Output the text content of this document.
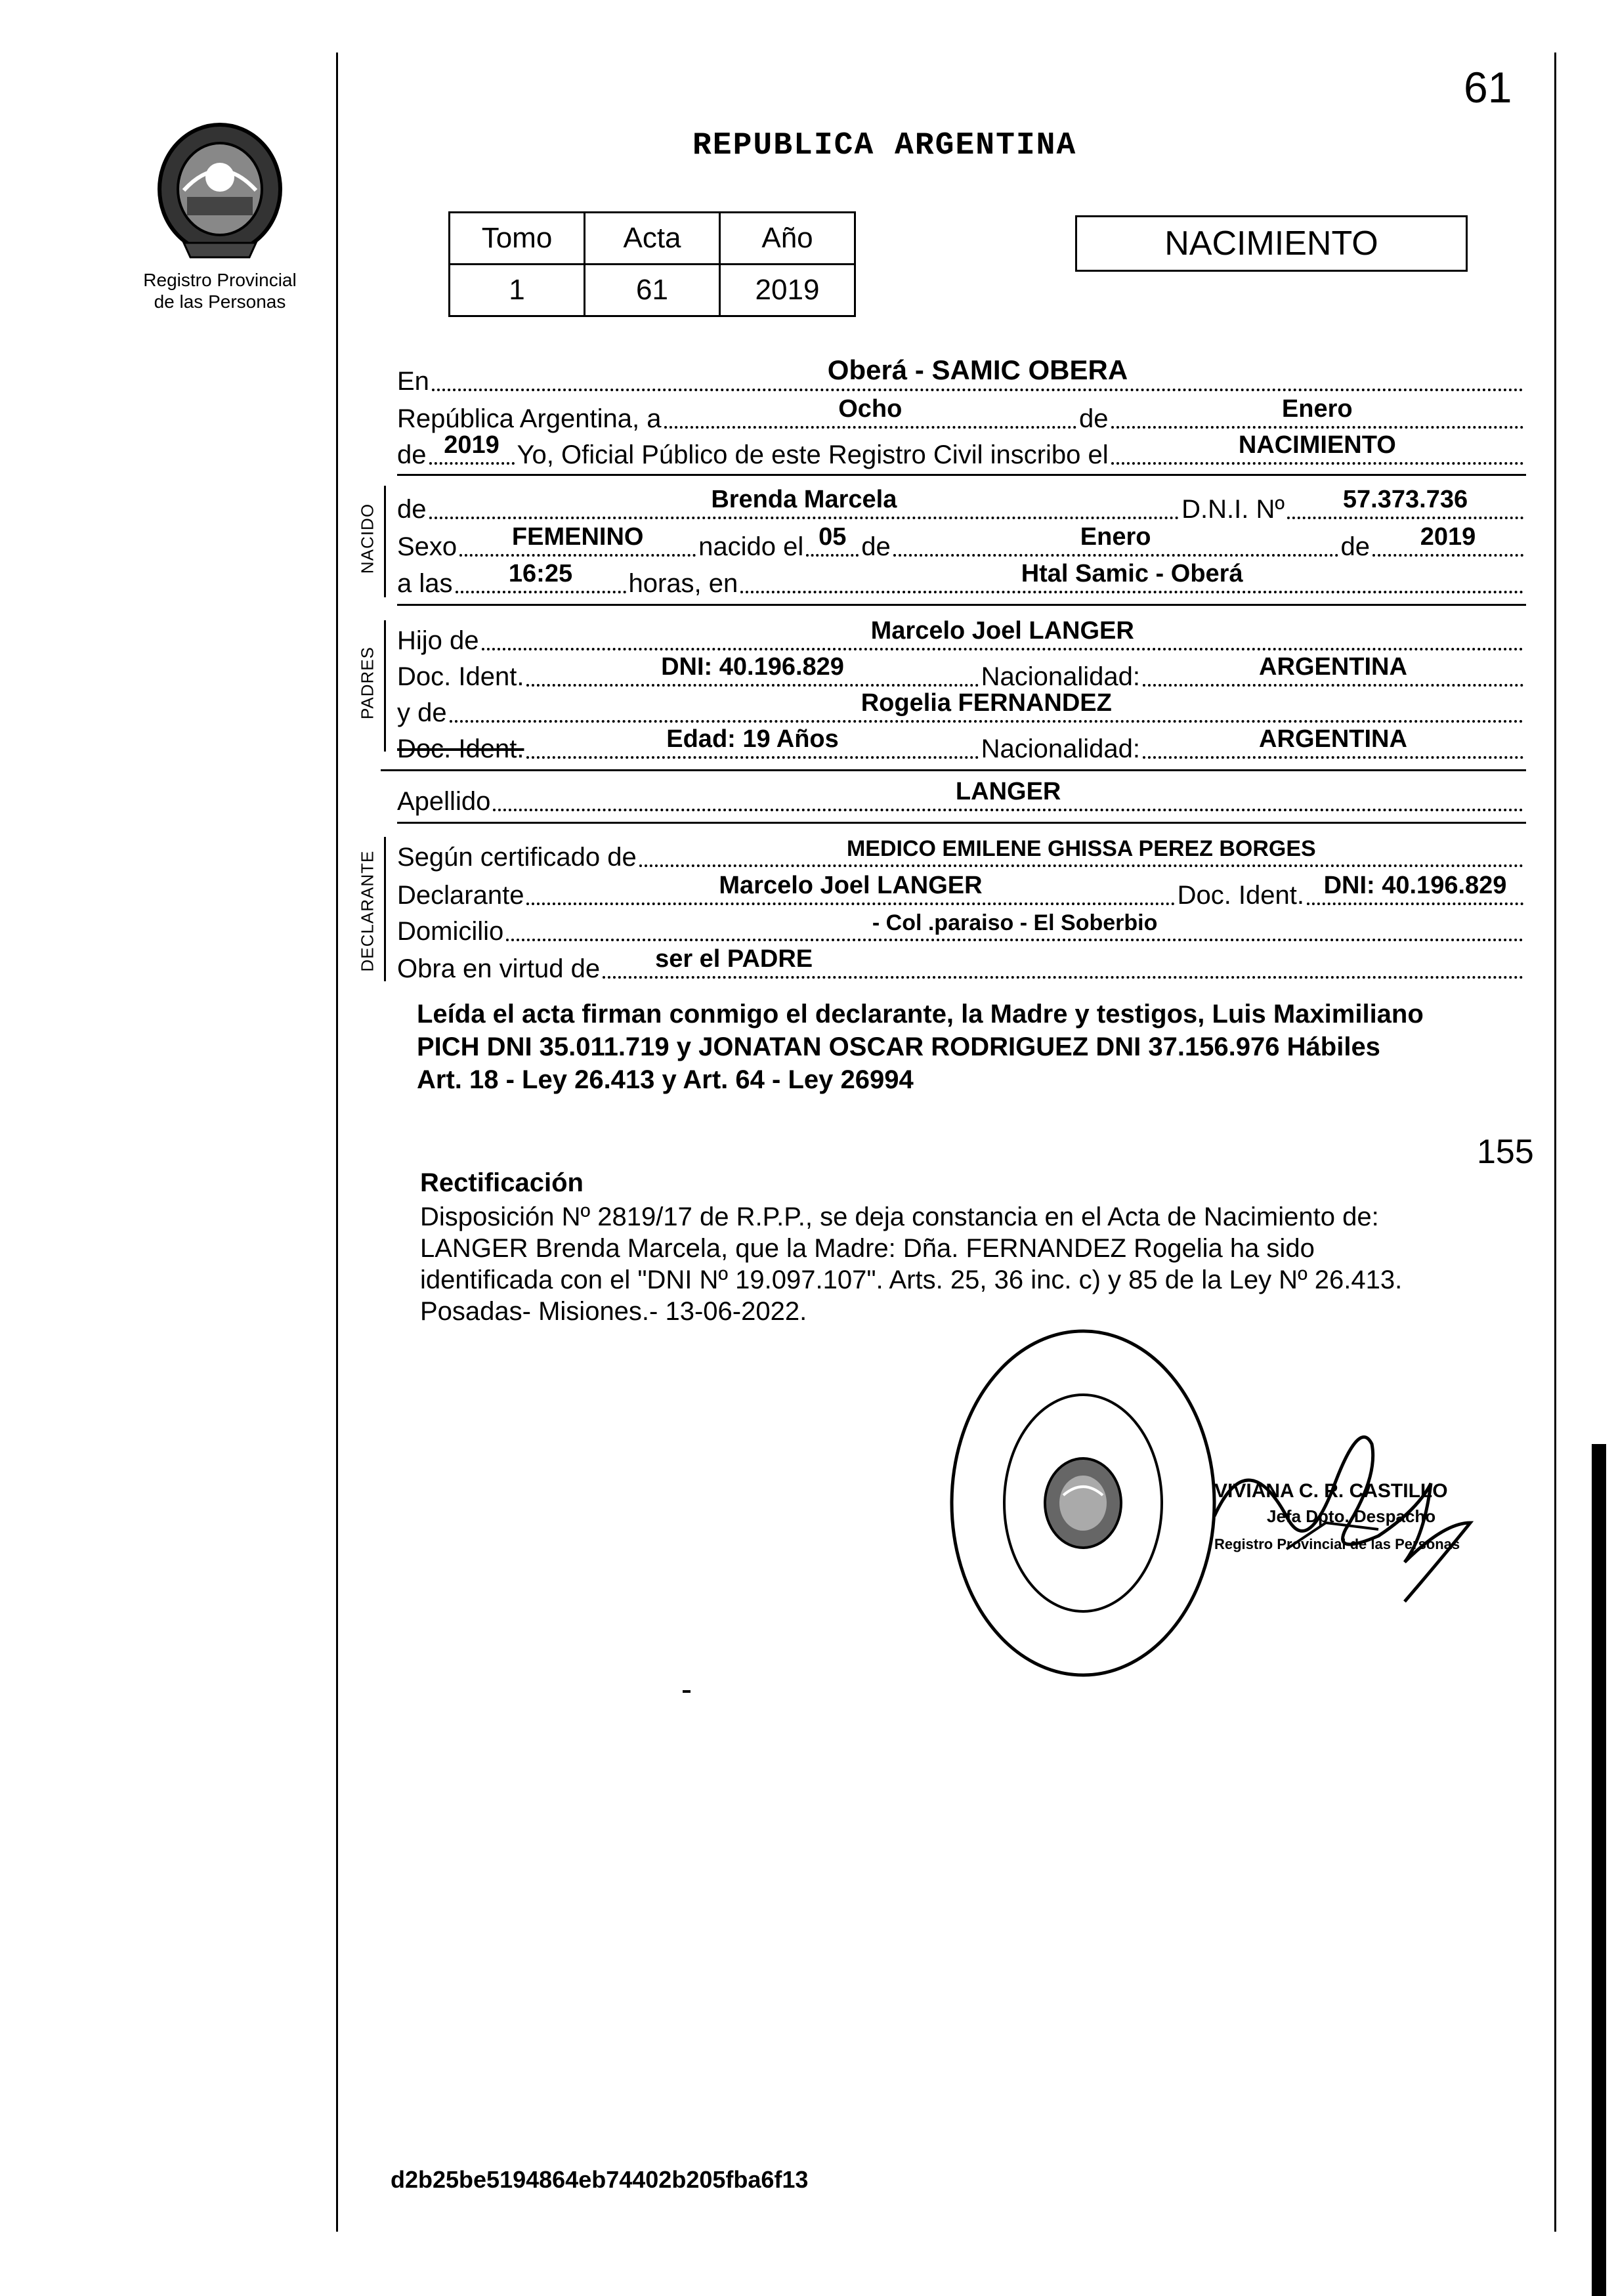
Registro Provincial
de las Personas
61
REPUBLICA ARGENTINA
Tomo	Acta	Año
1	61	2019
NACIMIENTO
En	Oberá - SAMIC OBERA
República Argentina, a	Ocho	de	Enero
de 2019 Yo, Oficial Público de este Registro Civil inscribo el	NACIMIENTO
NACIDO de	Brenda Marcela	D.N.I. Nº 57.373.736
Sexo FEMENINO nacido el 05 de	Enero	de 2019
a las 16:25 horas, en	Htal Samic - Oberá
PADRES
Hijo de	Marcelo Joel LANGER
Doc. Ident.	DNI: 40.196.829	Nacionalidad:	ARGENTINA
y de	Rogelia FERNANDEZ
Doc. Ident.	Edad: 19 Años	Nacionalidad:	ARGENTINA
Apellido	LANGER
DECLARANTE Según certificado de	MEDICO EMILENE GHISSA PEREZ BORGES
Declarante	Marcelo Joel LANGER	Doc. Ident. DNI: 40.196.829
Domicilio	- Col .paraiso - El Soberbio
Obra en virtud de ser el PADRE
Leída el acta firman conmigo el declarante, la Madre y testigos, Luis Maximiliano
PICH DNI 35.011.719 y JONATAN OSCAR RODRIGUEZ DNI 37.156.976 Hábiles
Art. 18 - Ley 26.413 y Art. 64 - Ley 26994
155
Rectificación
Disposición Nº 2819/17 de R.P.P., se deja constancia en el Acta de Nacimiento de:
LANGER Brenda Marcela, que la Madre: Dña. FERNANDEZ Rogelia ha sido
identificada con el "DNI Nº 19.097.107". Arts. 25, 36 inc. c) y 85 de la Ley Nº 26.413.
Posadas- Misiones.- 13-06-2022.
VIVIANA C. R. CASTILLO
Jefa Dpto. Despacho
Registro Provincial de las Personas
d2b25be5194864eb74402b205fba6f13
